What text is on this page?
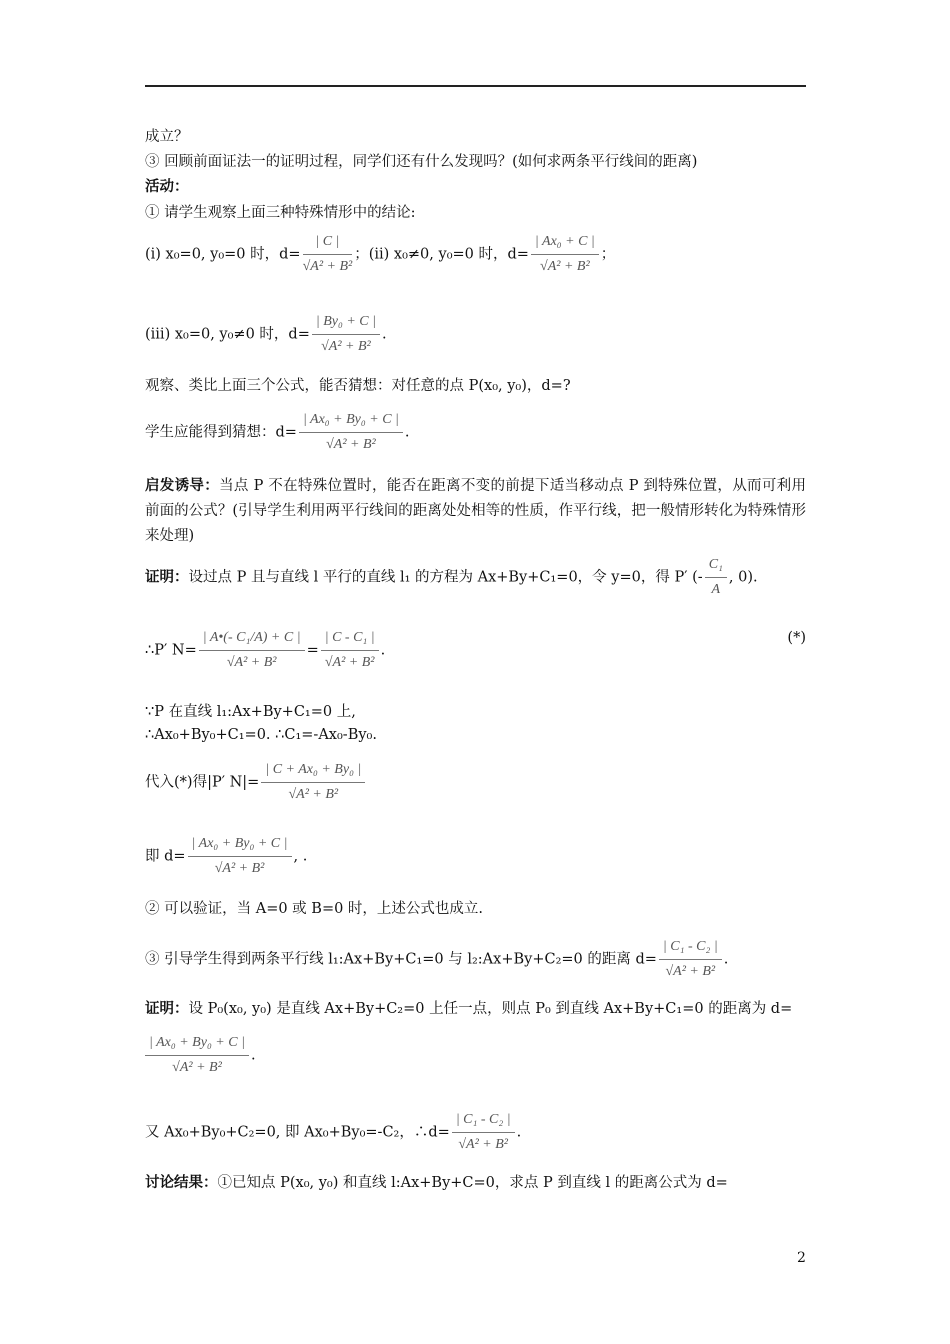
成立？
③ 回顾前面证法一的证明过程，同学们还有什么发现吗？(如何求两条平行线间的距离)
活动：
① 请学生观察上面三种特殊情形中的结论:
(ⅰ) x₀=0, y₀=0 时，$d= \frac{| C |}{\text{√A² + B²}}$ ；(ⅱ) x₀≠0, y₀=0 时，$d= \frac{\text{| Ax₀ + C |}}{\text{√A² + B²}}$ ；
(ⅲ) x₀=0, y₀≠0 时，$d= \frac{\text{| By₀ + C |}}{\text{√A² + B²}}$ .
观察、类比上面三个公式，能否猜想：对任意的点 P(x₀, y₀)，d=?
学生应能得到猜想：$d= \frac{\text{| Ax₀ + By₀ + C |}}{\text{√A² + B²}}$ .
启发诱导：当点 P 不在特殊位置时，能否在距离不变的前提下适当移动点 P 到特殊位置，从而可利用前面的公式？(引导学生利用两平行线间的距离处处相等的性质，作平行线，把一般情形转化为特殊情形来处理)
证明：设过点 P 且与直线 l 平行的直线 l₁ 的方程为 Ax+By+C₁=0，令 y=0，得 P′ (- $\frac{\text{C₁}}{A}$ , 0).
∴P′ $N= \frac{\text{| A•(- C₁/A) + C |}}{\text{√A² + B²}} = \frac{\text{| C - C₁ |}}{\text{√A² + B²}}$ .
(*)
∵P 在直线 l₁:Ax+By+C₁=0 上,
∴Ax₀+By₀+C₁=0. ∴C₁=-Ax₀-By₀.
代入(*)得|P′ $N|= \frac{\text{| C + Ax₀ + By₀ |}}{\text{√A² + B²}}$
即 $d= \frac{\text{| Ax₀ + By₀ + C |}}{\text{√A² + B²}}$ , .
② 可以验证，当 A=0 或 B=0 时，上述公式也成立.
③ 引导学生得到两条平行线 l₁:Ax+By+C₁=0 与 l₂:Ax+By+C₂=0 的距离 $d= \frac{\text{| C₁ - C₂ |}}{\text{√A² + B²}}$ .
证明：设 P₀(x₀, y₀) 是直线 Ax+By+C₂=0 上任一点，则点 P₀ 到直线 Ax+By+C₁=0 的距离为 d=
$\frac{\text{| Ax₀ + By₀ + C |}}{\text{√A² + B²}}$ .
又 Ax₀+By₀+C₂=0, 即 Ax₀+By₀=-C₂，∴d= $\frac{\text{| C₁ - C₂ |}}{\text{√A² + B²}}$ .
讨论结果：①已知点 P(x₀, y₀) 和直线 l:Ax+By+C=0，求点 P 到直线 l 的距离公式为 d=
2
